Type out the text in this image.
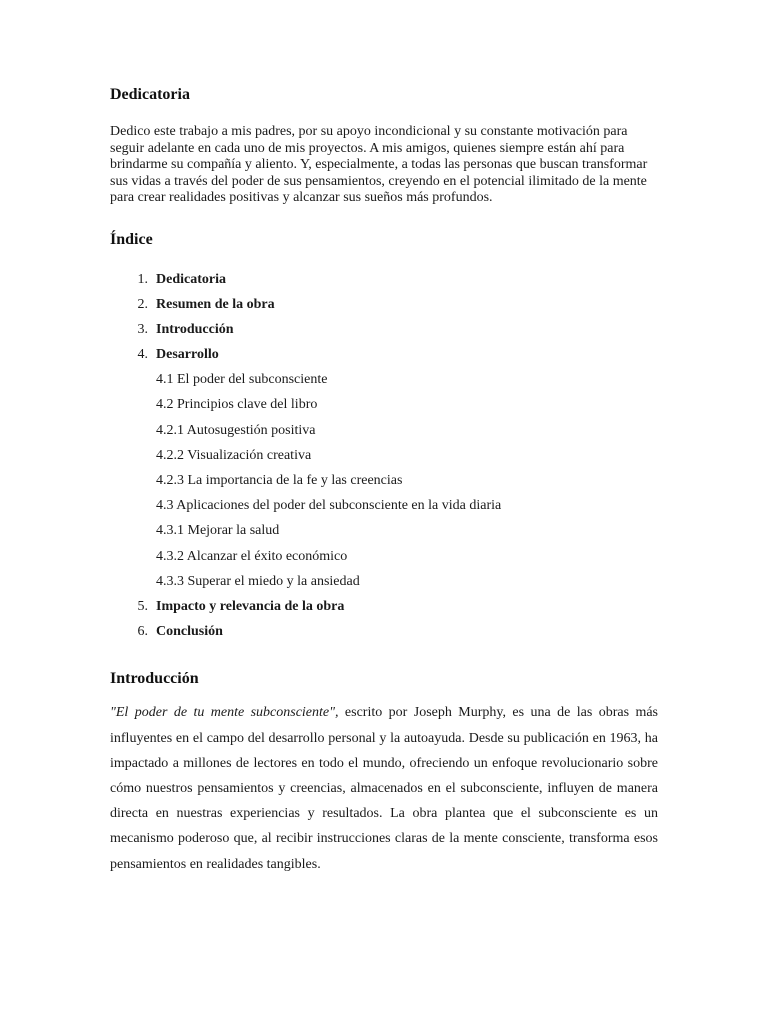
Dedicatoria

Dedico este trabajo a mis padres, por su apoyo incondicional y su constante motivación para seguir adelante en cada uno de mis proyectos. A mis amigos, quienes siempre están ahí para brindarme su compañía y aliento. Y, especialmente, a todas las personas que buscan transformar sus vidas a través del poder de sus pensamientos, creyendo en el potencial ilimitado de la mente para crear realidades positivas y alcanzar sus sueños más profundos.

Índice
1. Dedicatoria
2. Resumen de la obra
3. Introducción
4. Desarrollo
4.1 El poder del subconsciente
4.2 Principios clave del libro
4.2.1 Autosugestión positiva
4.2.2 Visualización creativa
4.2.3 La importancia de la fe y las creencias
4.3 Aplicaciones del poder del subconsciente en la vida diaria
4.3.1 Mejorar la salud
4.3.2 Alcanzar el éxito económico
4.3.3 Superar el miedo y la ansiedad
5. Impacto y relevancia de la obra
6. Conclusión
Introducción

"El poder de tu mente subconsciente", escrito por Joseph Murphy, es una de las obras más influyentes en el campo del desarrollo personal y la autoayuda. Desde su publicación en 1963, ha impactado a millones de lectores en todo el mundo, ofreciendo un enfoque revolucionario sobre cómo nuestros pensamientos y creencias, almacenados en el subconsciente, influyen de manera directa en nuestras experiencias y resultados. La obra plantea que el subconsciente es un mecanismo poderoso que, al recibir instrucciones claras de la mente consciente, transforma esos pensamientos en realidades tangibles.
